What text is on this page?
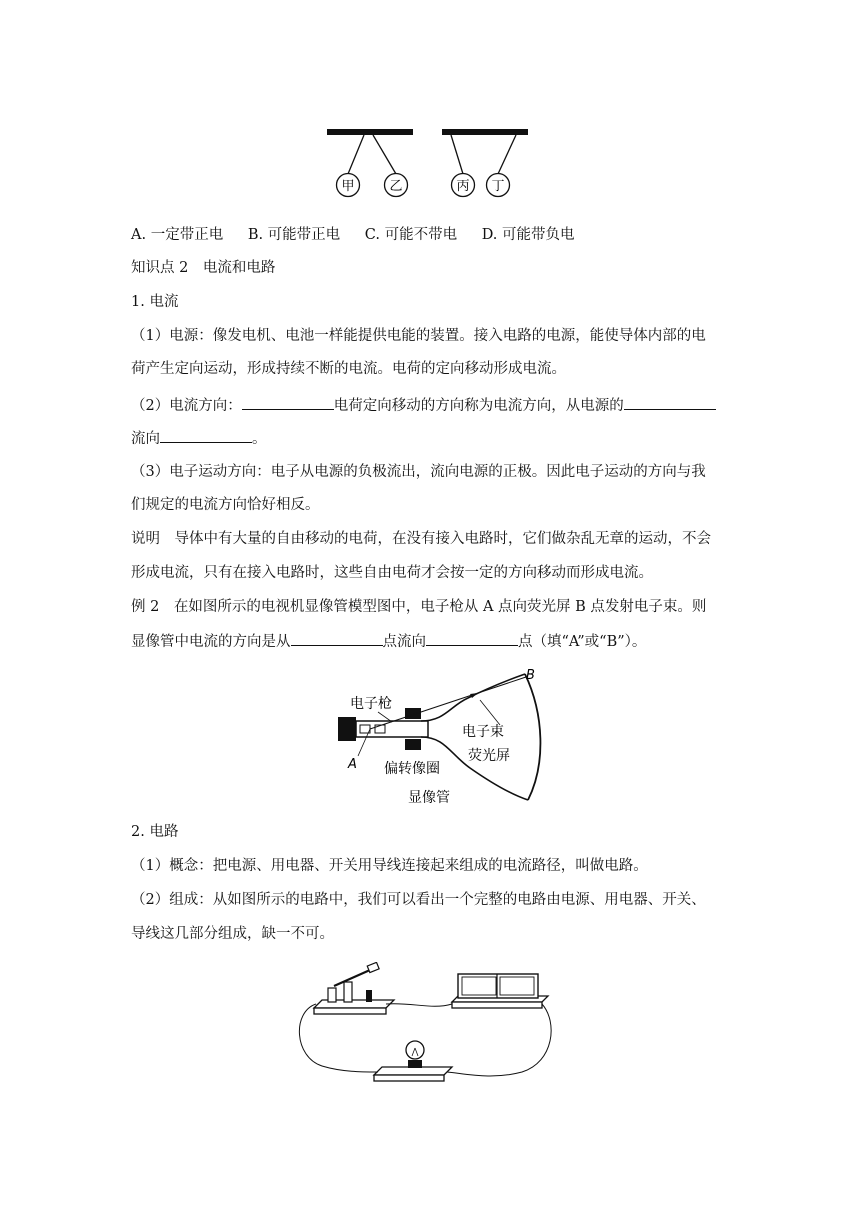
甲	乙	丙 丁
A. 一定带正电 B. 可能带正电 C. 可能不带电 D. 可能带负电
知识点 2　电流和电路
1. 电流
（1）电源：像发电机、电池一样能提供电能的装置。接入电路的电源，能使导体内部的电
荷产生定向运动，形成持续不断的电流。电荷的定向移动形成电流。
（2）电流方向：	电荷定向移动的方向称为电流方向，从电源的
流向	。
（3）电子运动方向：电子从电源的负极流出，流向电源的正极。因此电子运动的方向与我
们规定的电流方向恰好相反。
说明　导体中有大量的自由移动的电荷，在没有接入电路时，它们做杂乱无章的运动，不会
形成电流，只有在接入电路时，这些自由电荷才会按一定的方向移动而形成电流。
例 2　在如图所示的电视机显像管模型图中，电子枪从 A 点向荧光屏 B 点发射电子束。则
显像管中电流的方向是从	点流向	点（填“A”或“B”）。
电子枪
电子束
荧光屏
偏转像圈
显像管
A
B
2. 电路
（1）概念：把电源、用电器、开关用导线连接起来组成的电流路径，叫做电路。
（2）组成：从如图所示的电路中，我们可以看出一个完整的电路由电源、用电器、开关、
导线这几部分组成，缺一不可。
